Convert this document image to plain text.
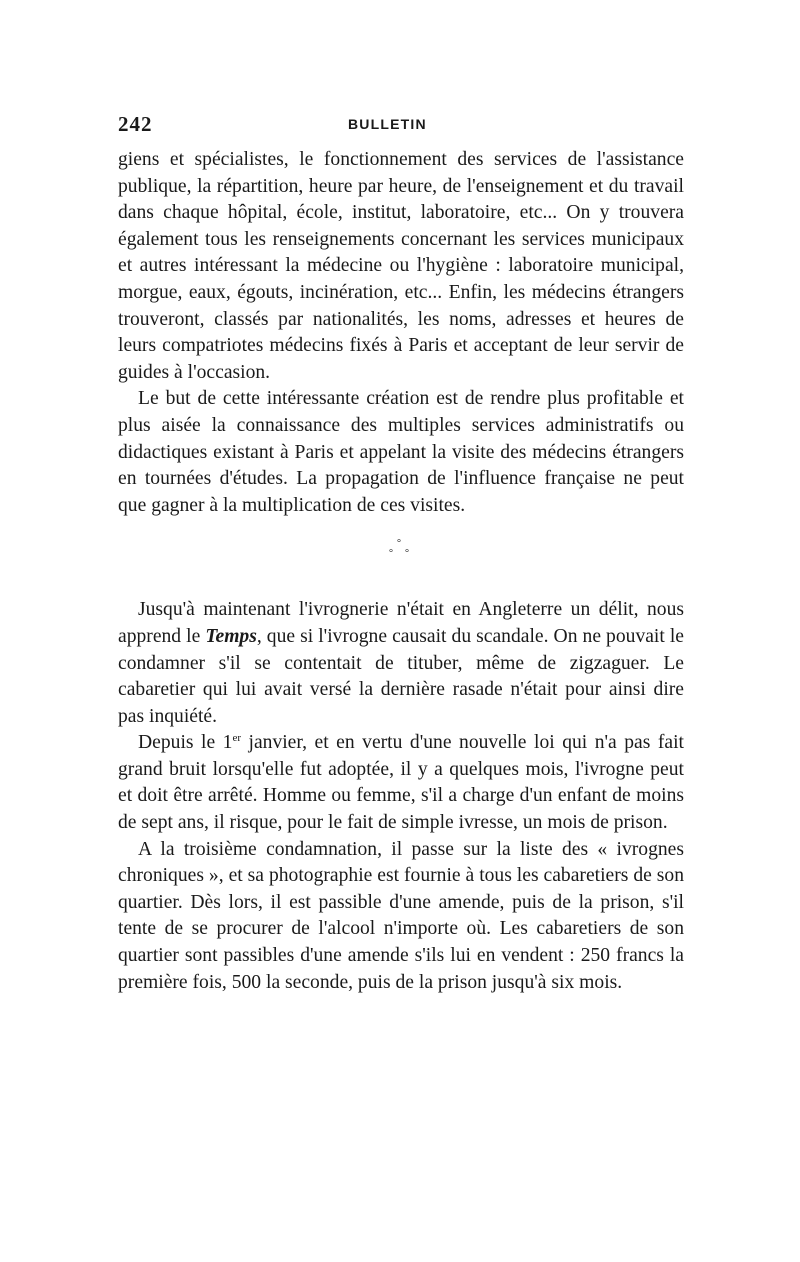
242	BULLETIN

giens et spécialistes, le fonctionnement des services de l'assistance publique, la répartition, heure par heure, de l'enseignement et du travail dans chaque hôpital, école, institut, laboratoire, etc... On y trouvera également tous les renseignements concernant les services municipaux et autres intéressant la médecine ou l'hygiène : laboratoire municipal, morgue, eaux, égouts, incinération, etc... Enfin, les médecins étrangers trouveront, classés par nationalités, les noms, adresses et heures de leurs compatriotes médecins fixés à Paris et acceptant de leur servir de guides à l'occasion.

Le but de cette intéressante création est de rendre plus profitable et plus aisée la connaissance des multiples services administratifs ou didactiques existant à Paris et appelant la visite des médecins étrangers en tournées d'études. La propagation de l'influence française ne peut que gagner à la multiplication de ces visites.

°
° °

Jusqu'à maintenant l'ivrognerie n'était en Angleterre un délit, nous apprend le Temps, que si l'ivrogne causait du scandale. On ne pouvait le condamner s'il se contentait de tituber, même de zigzaguer. Le cabaretier qui lui avait versé la dernière rasade n'était pour ainsi dire pas inquiété.

Depuis le 1er janvier, et en vertu d'une nouvelle loi qui n'a pas fait grand bruit lorsqu'elle fut adoptée, il y a quelques mois, l'ivrogne peut et doit être arrêté. Homme ou femme, s'il a charge d'un enfant de moins de sept ans, il risque, pour le fait de simple ivresse, un mois de prison.

A la troisième condamnation, il passe sur la liste des « ivrognes chroniques », et sa photographie est fournie à tous les cabaretiers de son quartier. Dès lors, il est passible d'une amende, puis de la prison, s'il tente de se procurer de l'alcool n'importe où. Les cabaretiers de son quartier sont passibles d'une amende s'ils lui en vendent : 250 francs la première fois, 500 la seconde, puis de la prison jusqu'à six mois.
